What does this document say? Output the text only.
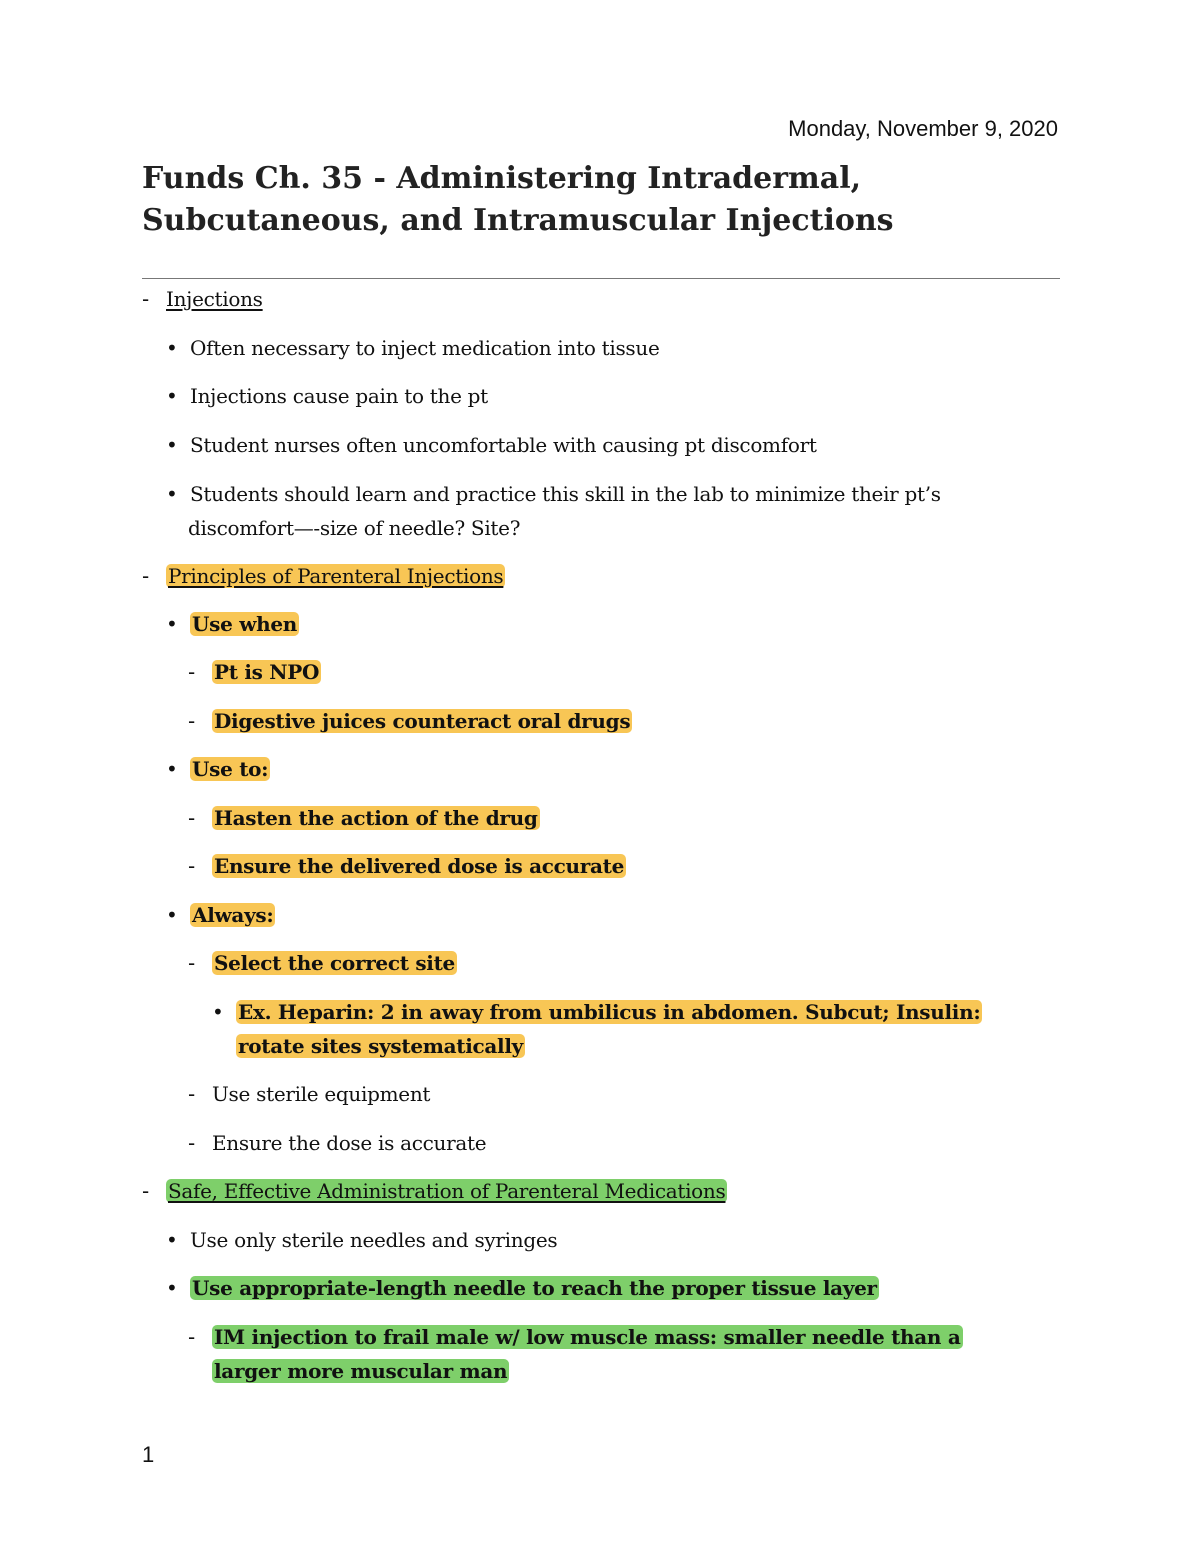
Monday, November 9, 2020
Funds Ch. 35 - Administering Intradermal, Subcutaneous, and Intramuscular Injections
- Injections
• Often necessary to inject medication into tissue
• Injections cause pain to the pt
• Student nurses often uncomfortable with causing pt discomfort
• Students should learn and practice this skill in the lab to minimize their pt’s
discomfort—-size of needle? Site?
- Principles of Parenteral Injections
• Use when
- Pt is NPO
- Digestive juices counteract oral drugs
• Use to:
- Hasten the action of the drug
- Ensure the delivered dose is accurate
• Always:
- Select the correct site
• Ex. Heparin: 2 in away from umbilicus in abdomen. Subcut; Insulin:
rotate sites systematically
- Use sterile equipment
- Ensure the dose is accurate
- Safe, Effective Administration of Parenteral Medications
• Use only sterile needles and syringes
• Use appropriate-length needle to reach the proper tissue layer
- IM injection to frail male w/ low muscle mass: smaller needle than a
larger more muscular man
1
